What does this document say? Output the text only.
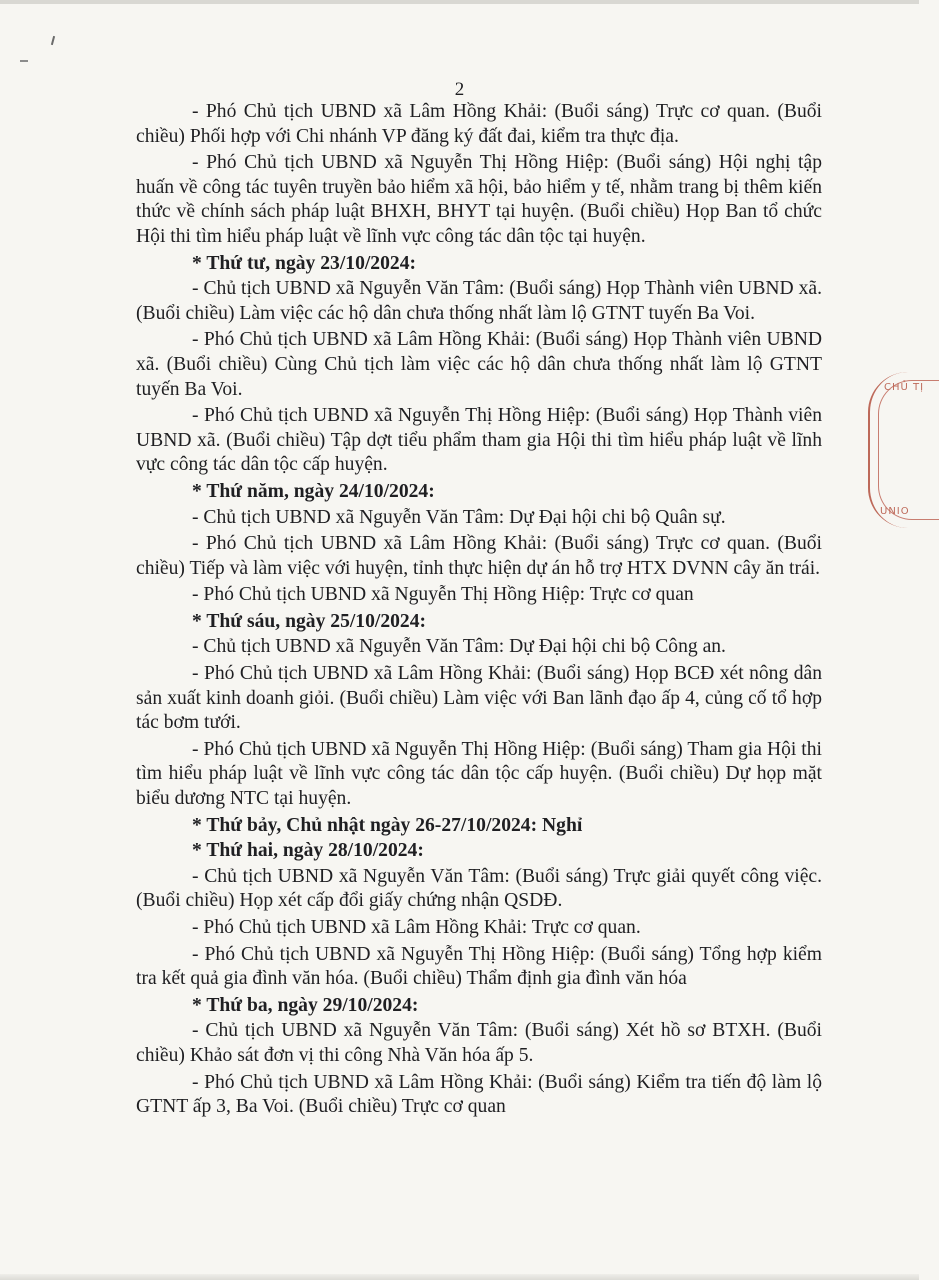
2

- Phó Chủ tịch UBND xã Lâm Hồng Khải: (Buổi sáng) Trực cơ quan. (Buổi chiều) Phối hợp với Chi nhánh VP đăng ký đất đai, kiểm tra thực địa.

- Phó Chủ tịch UBND xã Nguyễn Thị Hồng Hiệp: (Buổi sáng) Hội nghị tập huấn về công tác tuyên truyền bảo hiểm xã hội, bảo hiểm y tế, nhằm trang bị thêm kiến thức về chính sách pháp luật BHXH, BHYT tại huyện. (Buổi chiều) Họp Ban tổ chức Hội thi tìm hiểu pháp luật về lĩnh vực công tác dân tộc tại huyện.

* Thứ tư, ngày 23/10/2024:

- Chủ tịch UBND xã Nguyễn Văn Tâm: (Buổi sáng) Họp Thành viên UBND xã. (Buổi chiều) Làm việc các hộ dân chưa thống nhất làm lộ GTNT tuyến Ba Voi.

- Phó Chủ tịch UBND xã Lâm Hồng Khải: (Buổi sáng) Họp Thành viên UBND xã. (Buổi chiều) Cùng Chủ tịch làm việc các hộ dân chưa thống nhất làm lộ GTNT tuyến Ba Voi.

- Phó Chủ tịch UBND xã Nguyễn Thị Hồng Hiệp: (Buổi sáng) Họp Thành viên UBND xã. (Buổi chiều) Tập dợt tiểu phẩm tham gia Hội thi tìm hiểu pháp luật về lĩnh vực công tác dân tộc cấp huyện.

* Thứ năm, ngày 24/10/2024:

- Chủ tịch UBND xã Nguyễn Văn Tâm: Dự Đại hội chi bộ Quân sự.

- Phó Chủ tịch UBND xã Lâm Hồng Khải: (Buổi sáng) Trực cơ quan. (Buổi chiều) Tiếp và làm việc với huyện, tỉnh thực hiện dự án hỗ trợ HTX DVNN cây ăn trái.

- Phó Chủ tịch UBND xã Nguyễn Thị Hồng Hiệp: Trực cơ quan

* Thứ sáu, ngày 25/10/2024:

- Chủ tịch UBND xã Nguyễn Văn Tâm: Dự Đại hội chi bộ Công an.

- Phó Chủ tịch UBND xã Lâm Hồng Khải: (Buổi sáng) Họp BCĐ xét nông dân sản xuất kinh doanh giỏi. (Buổi chiều) Làm việc với Ban lãnh đạo ấp 4, củng cố tổ hợp tác bơm tưới.

- Phó Chủ tịch UBND xã Nguyễn Thị Hồng Hiệp: (Buổi sáng) Tham gia Hội thi tìm hiểu pháp luật về lĩnh vực công tác dân tộc cấp huyện. (Buổi chiều) Dự họp mặt biểu dương NTC tại huyện.

* Thứ bảy, Chủ nhật ngày 26-27/10/2024: Nghỉ

* Thứ hai, ngày 28/10/2024:

- Chủ tịch UBND xã Nguyễn Văn Tâm: (Buổi sáng) Trực giải quyết công việc. (Buổi chiều) Họp xét cấp đổi giấy chứng nhận QSDĐ.

- Phó Chủ tịch UBND xã Lâm Hồng Khải: Trực cơ quan.

- Phó Chủ tịch UBND xã Nguyễn Thị Hồng Hiệp: (Buổi sáng) Tổng hợp kiểm tra kết quả gia đình văn hóa. (Buổi chiều) Thẩm định gia đình văn hóa

* Thứ ba, ngày 29/10/2024:

- Chủ tịch UBND xã Nguyễn Văn Tâm: (Buổi sáng) Xét hồ sơ BTXH. (Buổi chiều) Khảo sát đơn vị thi công Nhà Văn hóa ấp 5.

- Phó Chủ tịch UBND xã Lâm Hồng Khải: (Buổi sáng) Kiểm tra tiến độ làm lộ GTNT ấp 3, Ba Voi. (Buổi chiều) Trực cơ quan

CHỦ TỊ
UNIO
